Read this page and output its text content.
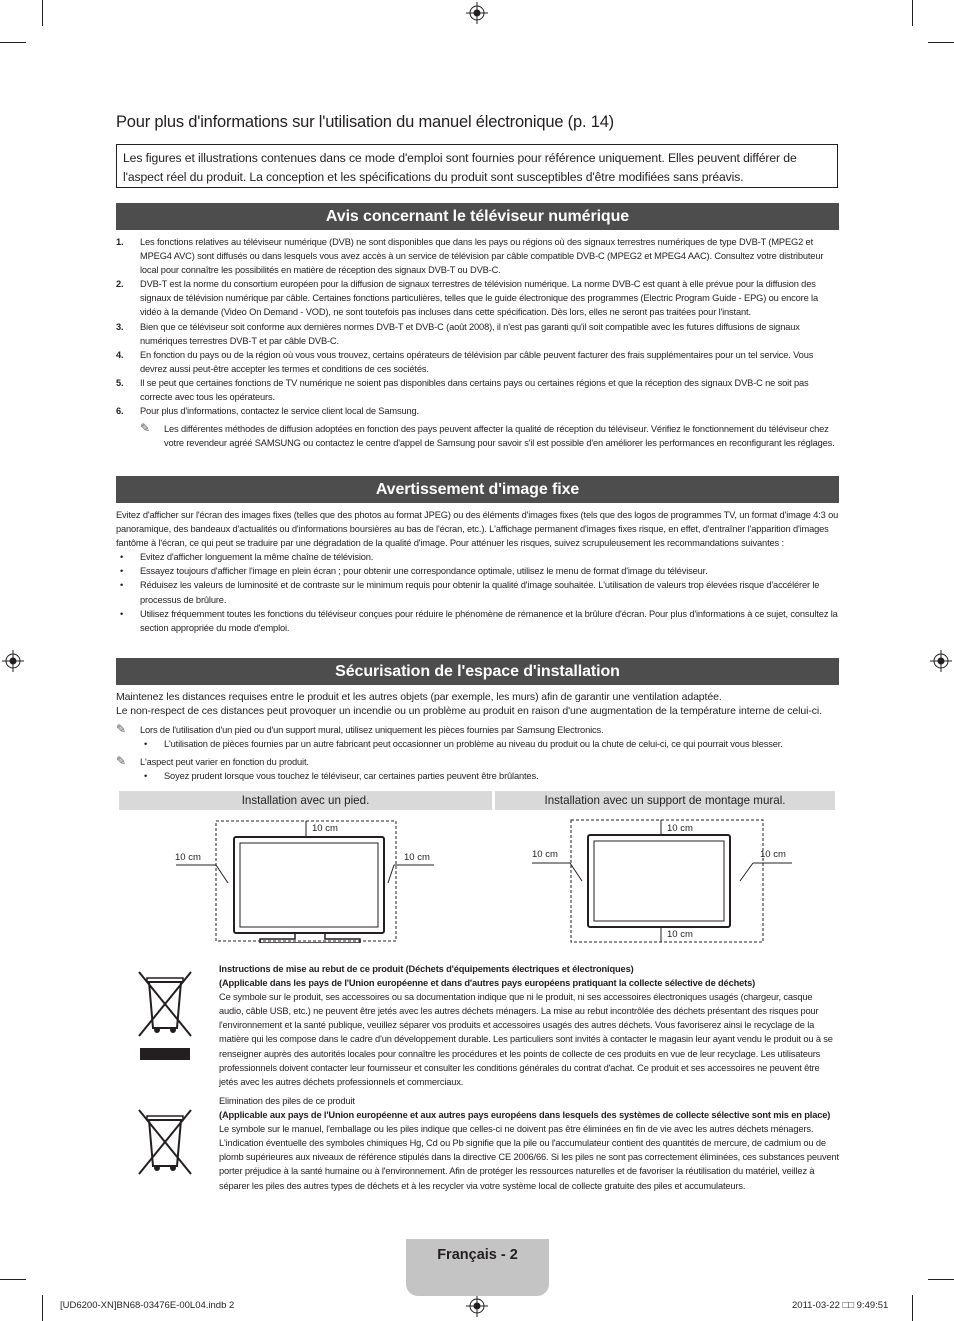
Pour plus d'informations sur l'utilisation du manuel électronique (p. 14)
Les figures et illustrations contenues dans ce mode d'emploi sont fournies pour référence uniquement. Elles peuvent différer de l'aspect réel du produit. La conception et les spécifications du produit sont susceptibles d'être modifiées sans préavis.
Avis concernant le téléviseur numérique
1. Les fonctions relatives au téléviseur numérique (DVB) ne sont disponibles que dans les pays ou régions où des signaux terrestres numériques de type DVB-T (MPEG2 et MPEG4 AVC) sont diffusés ou dans lesquels vous avez accès à un service de télévision par câble compatible DVB-C (MPEG2 et MPEG4 AAC). Consultez votre distributeur local pour connaître les possibilités en matière de réception des signaux DVB-T ou DVB-C.
2. DVB-T est la norme du consortium européen pour la diffusion de signaux terrestres de télévision numérique. La norme DVB-C est quant à elle prévue pour la diffusion des signaux de télévision numérique par câble. Certaines fonctions particulières, telles que le guide électronique des programmes (Electric Program Guide - EPG) ou encore la vidéo à la demande (Video On Demand - VOD), ne sont toutefois pas incluses dans cette spécification. Dès lors, elles ne seront pas traitées pour l'instant.
3. Bien que ce téléviseur soit conforme aux dernières normes DVB-T et DVB-C (août 2008), il n'est pas garanti qu'il soit compatible avec les futures diffusions de signaux numériques terrestres DVB-T et par câble DVB-C.
4. En fonction du pays ou de la région où vous vous trouvez, certains opérateurs de télévision par câble peuvent facturer des frais supplémentaires pour un tel service. Vous devrez aussi peut-être accepter les termes et conditions de ces sociétés.
5. Il se peut que certaines fonctions de TV numérique ne soient pas disponibles dans certains pays ou certaines régions et que la réception des signaux DVB-C ne soit pas correcte avec tous les opérateurs.
6. Pour plus d'informations, contactez le service client local de Samsung.
✎ Les différentes méthodes de diffusion adoptées en fonction des pays peuvent affecter la qualité de réception du téléviseur. Vérifiez le fonctionnement du téléviseur chez votre revendeur agréé SAMSUNG ou contactez le centre d'appel de Samsung pour savoir s'il est possible d'en améliorer les performances en reconfigurant les réglages.
Avertissement d'image fixe
Evitez d'afficher sur l'écran des images fixes (telles que des photos au format JPEG) ou des éléments d'images fixes (tels que des logos de programmes TV, un format d'image 4:3 ou panoramique, des bandeaux d'actualités ou d'informations boursières au bas de l'écran, etc.). L'affichage permanent d'images fixes risque, en effet, d'entraîner l'apparition d'images fantôme à l'écran, ce qui peut se traduire par une dégradation de la qualité d'image. Pour atténuer les risques, suivez scrupuleusement les recommandations suivantes :
• Evitez d'afficher longuement la même chaîne de télévision.
• Essayez toujours d'afficher l'image en plein écran ; pour obtenir une correspondance optimale, utilisez le menu de format d'image du téléviseur.
• Réduisez les valeurs de luminosité et de contraste sur le minimum requis pour obtenir la qualité d'image souhaitée. L'utilisation de valeurs trop élevées risque d'accélérer le processus de brûlure.
• Utilisez fréquemment toutes les fonctions du téléviseur conçues pour réduire le phénomène de rémanence et la brûlure d'écran. Pour plus d'informations à ce sujet, consultez la section appropriée du mode d'emploi.
Sécurisation de l'espace d'installation
Maintenez les distances requises entre le produit et les autres objets (par exemple, les murs) afin de garantir une ventilation adaptée.
Le non-respect de ces distances peut provoquer un incendie ou un problème au produit en raison d'une augmentation de la température interne de celui-ci.
✎ Lors de l'utilisation d'un pied ou d'un support mural, utilisez uniquement les pièces fournies par Samsung Electronics.
• L'utilisation de pièces fournies par un autre fabricant peut occasionner un problème au niveau du produit ou la chute de celui-ci, ce qui pourrait vous blesser.
✎ L'aspect peut varier en fonction du produit.
• Soyez prudent lorsque vous touchez le téléviseur, car certaines parties peuvent être brûlantes.
Installation avec un pied.	Installation avec un support de montage mural.
10 cm
10 cm	10 cm
10 cm
10 cm	10 cm
10 cm
Instructions de mise au rebut de ce produit (Déchets d'équipements électriques et électroniques)
(Applicable dans les pays de l'Union européenne et dans d'autres pays européens pratiquant la collecte sélective de déchets)
Ce symbole sur le produit, ses accessoires ou sa documentation indique que ni le produit, ni ses accessoires électroniques usagés (chargeur, casque audio, câble USB, etc.) ne peuvent être jetés avec les autres déchets ménagers. La mise au rebut incontrôlée des déchets présentant des risques pour l'environnement et la santé publique, veuillez séparer vos produits et accessoires usagés des autres déchets. Vous favoriserez ainsi le recyclage de la matière qui les compose dans le cadre d'un développement durable. Les particuliers sont invités à contacter le magasin leur ayant vendu le produit ou à se renseigner auprès des autorités locales pour connaître les procédures et les points de collecte de ces produits en vue de leur recyclage. Les utilisateurs professionnels doivent contacter leur fournisseur et consulter les conditions générales du contrat d'achat. Ce produit et ses accessoires ne peuvent être jetés avec les autres déchets professionnels et commerciaux.
Elimination des piles de ce produit
(Applicable aux pays de l'Union européenne et aux autres pays européens dans lesquels des systèmes de collecte sélective sont mis en place)
Le symbole sur le manuel, l'emballage ou les piles indique que celles-ci ne doivent pas être éliminées en fin de vie avec les autres déchets ménagers. L'indication éventuelle des symboles chimiques Hg, Cd ou Pb signifie que la pile ou l'accumulateur contient des quantités de mercure, de cadmium ou de plomb supérieures aux niveaux de référence stipulés dans la directive CE 2006/66. Si les piles ne sont pas correctement éliminées, ces substances peuvent porter préjudice à la santé humaine ou à l'environnement. Afin de protéger les ressources naturelles et de favoriser la réutilisation du matériel, veillez à séparer les piles des autres types de déchets et à les recycler via votre système local de collecte gratuite des piles et accumulateurs.
Français - 2
[UD6200-XN]BN68-03476E-00L04.indb 2	2011-03-22 □□ 9:49:51
